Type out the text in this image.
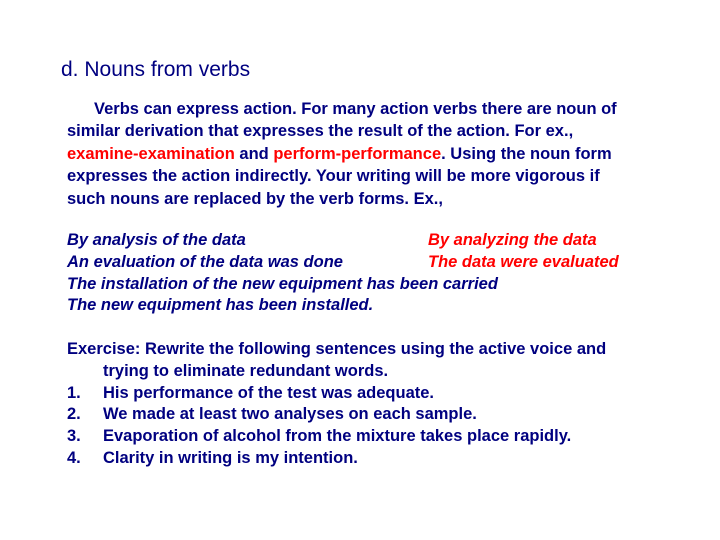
d. Nouns from verbs
Verbs can express action. For many action verbs there are noun of
similar derivation that expresses the result of the action. For ex.,
examine-examination and perform-performance. Using the noun form
expresses the action indirectly. Your writing will be more vigorous if
such nouns are replaced by the verb forms. Ex.,
By analysis of the data	By analyzing the data
An evaluation of the data was done	The data were evaluated
The installation of the new equipment has been carried
The new equipment has been installed.
Exercise: Rewrite the following sentences using the active voice and
trying to eliminate redundant words.
1. His performance of the test was adequate.
2. We made at least two analyses on each sample.
3. Evaporation of alcohol from the mixture takes place rapidly.
4. Clarity in writing is my intention.
